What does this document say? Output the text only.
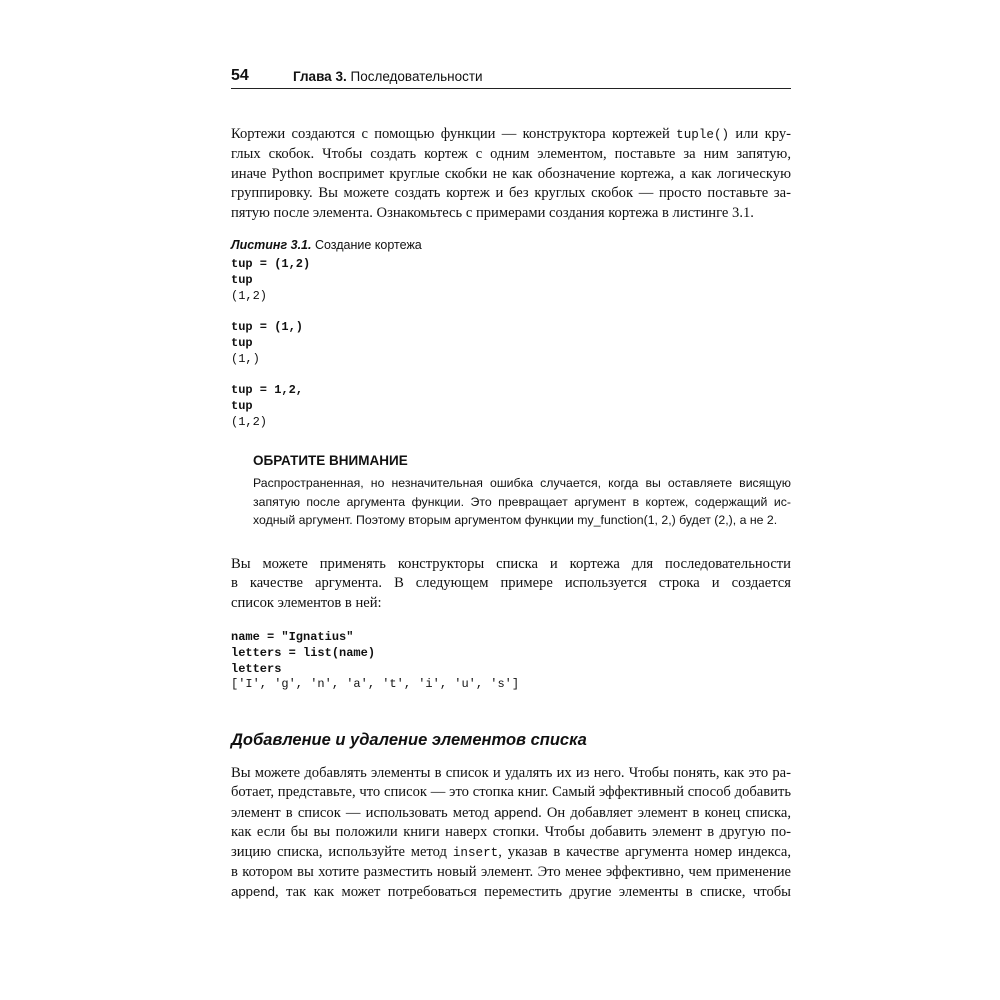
54	Глава 3. Последовательности
Кортежи создаются с помощью функции — конструктора кортежей tuple() или кру-
глых скобок. Чтобы создать кортеж с одним элементом, поставьте за ним запятую,
иначе Python воспримет круглые скобки не как обозначение кортежа, а как логическую
группировку. Вы можете создать кортеж и без круглых скобок — просто поставьте за-
пятую после элемента. Ознакомьтесь с примерами создания кортежа в листинге 3.1.
Листинг 3.1. Создание кортежа
tup = (1,2)
tup
(1,2)
tup = (1,)
tup
(1,)
tup = 1,2,
tup
(1,2)
ОБРАТИТЕ ВНИМАНИЕ
Распространенная, но незначительная ошибка случается, когда вы оставляете висящую
запятую после аргумента функции. Это превращает аргумент в кортеж, содержащий ис-
ходный аргумент. Поэтому вторым аргументом функции my_function(1, 2,) будет (2,), а не 2.
Вы можете применять конструкторы списка и кортежа для последовательности
в качестве аргумента. В следующем примере используется строка и создается
список элементов в ней:
name = "Ignatius"
letters = list(name)
letters
['I', 'g', 'n', 'a', 't', 'i', 'u', 's']
Добавление и удаление элементов списка
Вы можете добавлять элементы в список и удалять их из него. Чтобы понять, как это ра-
ботает, представьте, что список — это стопка книг. Самый эффективный способ добавить
элемент в список — использовать метод append. Он добавляет элемент в конец списка,
как если бы вы положили книги наверх стопки. Чтобы добавить элемент в другую по-
зицию списка, используйте метод insert, указав в качестве аргумента номер индекса,
в котором вы хотите разместить новый элемент. Это менее эффективно, чем применение
append, так как может потребоваться переместить другие элементы в списке, чтобы
